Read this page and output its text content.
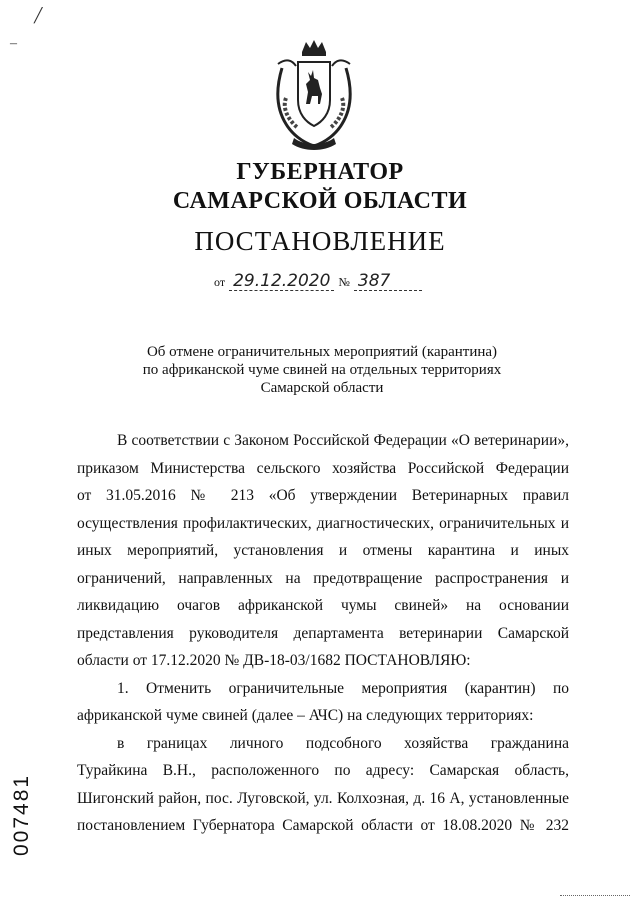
╱
–
ГУБЕРНАТОР
САМАРСКОЙ ОБЛАСТИ
ПОСТАНОВЛЕНИЕ
от 29.12.2020 № 387
Об отмене ограничительных мероприятий (карантина)
по африканской чуме свиней на отдельных территориях
Самарской области
В соответствии с Законом Российской Федерации «О ветеринарии»,
приказом Министерства сельского хозяйства Российской Федерации
от 31.05.2016 № 213 «Об утверждении Ветеринарных правил
осуществления профилактических, диагностических, ограничительных и
иных мероприятий, установления и отмены карантина и иных
ограничений, направленных на предотвращение распространения и
ликвидацию очагов африканской чумы свиней» на основании
представления руководителя департамента ветеринарии Самарской
области от 17.12.2020 № ДВ-18-03/1682 ПОСТАНОВЛЯЮ:
1. Отменить ограничительные мероприятия (карантин) по
африканской чуме свиней (далее – АЧС) на следующих территориях:
в границах личного подсобного хозяйства гражданина
Турайкина В.Н., расположенного по адресу: Самарская область,
Шигонский район, пос. Луговской, ул. Колхозная, д. 16 А, установленные
постановлением Губернатора Самарской области от 18.08.2020 № 232
007481
